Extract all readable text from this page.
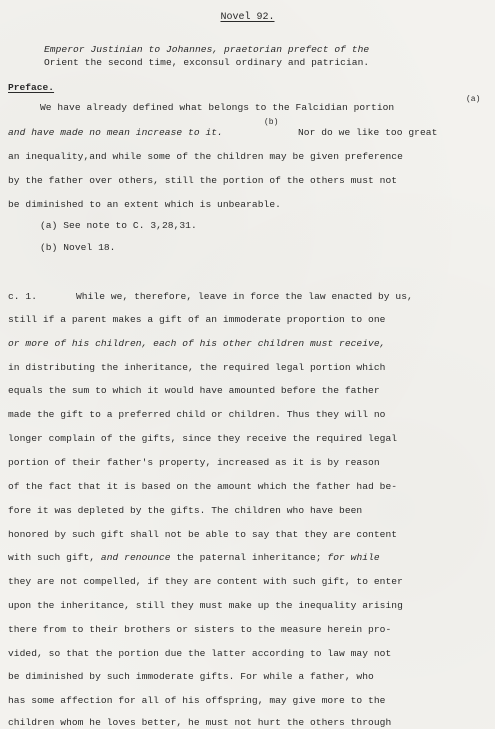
Novel 92.
Emperor Justinian to Johannes, praetorian prefect of the
Orient the second time, exconsul ordinary and patrician.
Preface.
We have already defined what belongs to the Falcidian portion
(a)
and have made no mean increase to it.
(b)
Nor do we like too great
an inequality,and while some of the children may be given preference
by the father over others, still the portion of the others must not
be diminished to an extent which is unbearable.
(a) See note to C. 3,28,31.
(b) Novel 18.
c. 1.	While we, therefore, leave in force the law enacted by us,
still if a parent makes a gift of an immoderate proportion to one
or more of his children, each of his other children must receive,
in distributing the inheritance, the required legal portion which
equals the sum to which it would have amounted before the father
made the gift to a preferred child or children. Thus they will no
longer complain of the gifts, since they receive the required legal
portion of their father's property, increased as it is by reason
of the fact that it is based on the amount which the father had be-
fore it was depleted by the gifts. The children who have been
honored by such gift shall not be able to say that they are content
with such gift, and renounce the paternal inheritance; for while
they are not compelled, if they are content with such gift, to enter
upon the inheritance, still they must make up the inequality arising
there from to their brothers or sisters to the measure herein pro-
vided, so that the portion due the latter according to law may not
be diminished by such immoderate gifts. For while a father, who
has some affection for all of his offspring, may give more to the
children whom he loves better, he must not hurt the others through
